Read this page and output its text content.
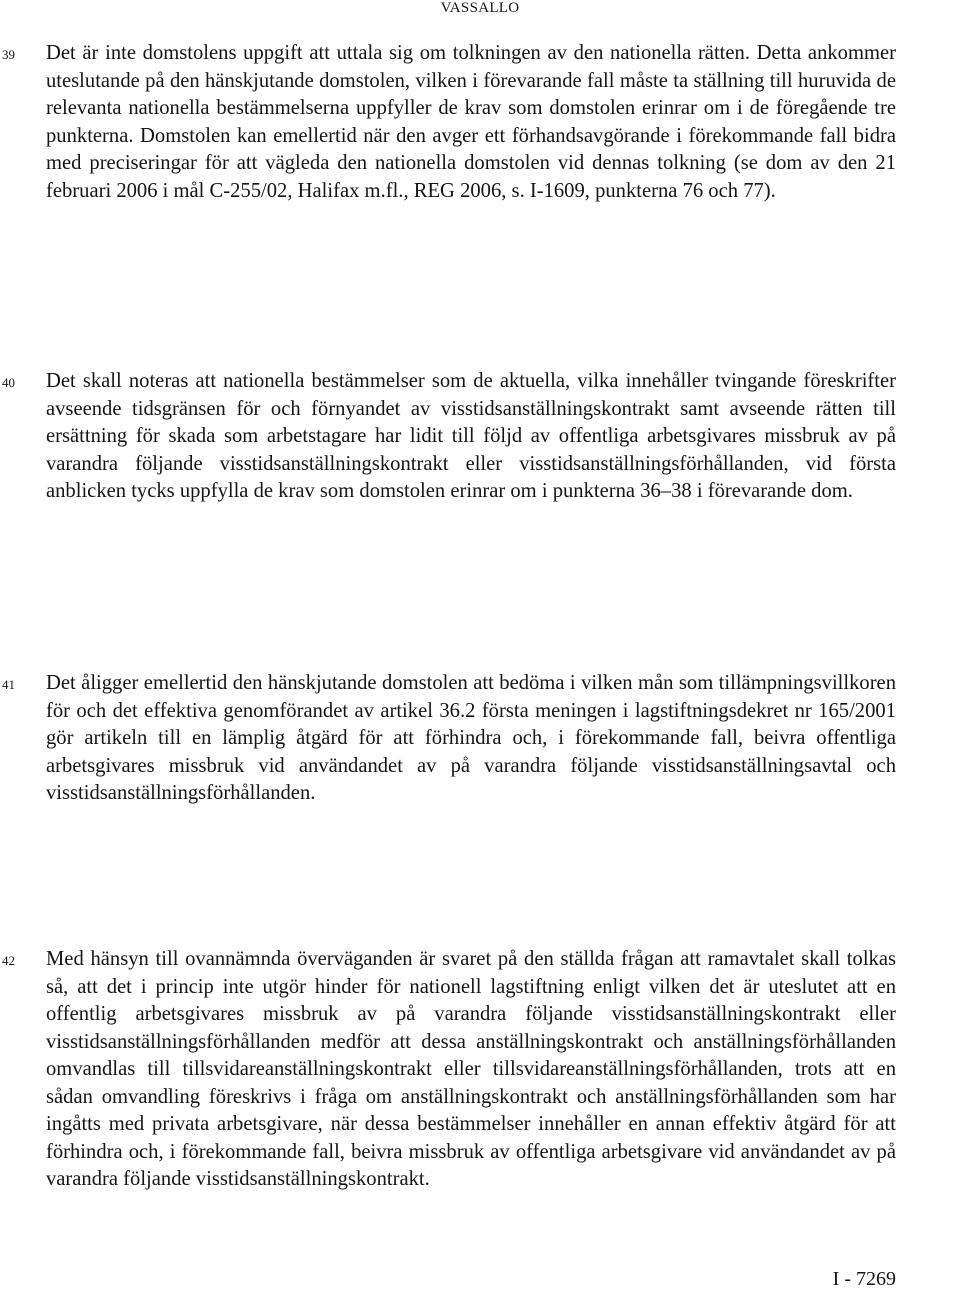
VASSALLO
39 Det är inte domstolens uppgift att uttala sig om tolkningen av den nationella rätten. Detta ankommer uteslutande på den hänskjutande domstolen, vilken i förevarande fall måste ta ställning till huruvida de relevanta nationella bestämmelserna uppfyller de krav som domstolen erinrar om i de föregående tre punkterna. Domstolen kan emellertid när den avger ett förhandsavgörande i förekommande fall bidra med preciseringar för att vägleda den nationella domstolen vid dennas tolkning (se dom av den 21 februari 2006 i mål C-255/02, Halifax m.fl., REG 2006, s. I-1609, punkterna 76 och 77).
40 Det skall noteras att nationella bestämmelser som de aktuella, vilka innehåller tvingande föreskrifter avseende tidsgränsen för och förnyandet av visstidsanställningskontrakt samt avseende rätten till ersättning för skada som arbetstagare har lidit till följd av offentliga arbetsgivares missbruk av på varandra följande visstidsanställningskontrakt eller visstidsanställningsförhållanden, vid första anblicken tycks uppfylla de krav som domstolen erinrar om i punkterna 36–38 i förevarande dom.
41 Det åligger emellertid den hänskjutande domstolen att bedöma i vilken mån som tillämpningsvillkoren för och det effektiva genomförandet av artikel 36.2 första meningen i lagstiftningsdekret nr 165/2001 gör artikeln till en lämplig åtgärd för att förhindra och, i förekommande fall, beivra offentliga arbetsgivares missbruk vid användandet av på varandra följande visstidsanställningsavtal och visstidsanställningsförhållanden.
42 Med hänsyn till ovannämnda överväganden är svaret på den ställda frågan att ramavtalet skall tolkas så, att det i princip inte utgör hinder för nationell lagstiftning enligt vilken det är uteslutet att en offentlig arbetsgivares missbruk av på varandra följande visstidsanställningskontrakt eller visstidsanställningsförhållanden medför att dessa anställningskontrakt och anställningsförhållanden omvandlas till tillsvidareanställningskontrakt eller tillsvidareanställningsförhållanden, trots att en sådan omvandling föreskrivs i fråga om anställningskontrakt och anställningsförhållanden som har ingåtts med privata arbetsgivare, när dessa bestämmelser innehåller en annan effektiv åtgärd för att förhindra och, i förekommande fall, beivra missbruk av offentliga arbetsgivare vid användandet av på varandra följande visstidsanställningskontrakt.
I - 7269
